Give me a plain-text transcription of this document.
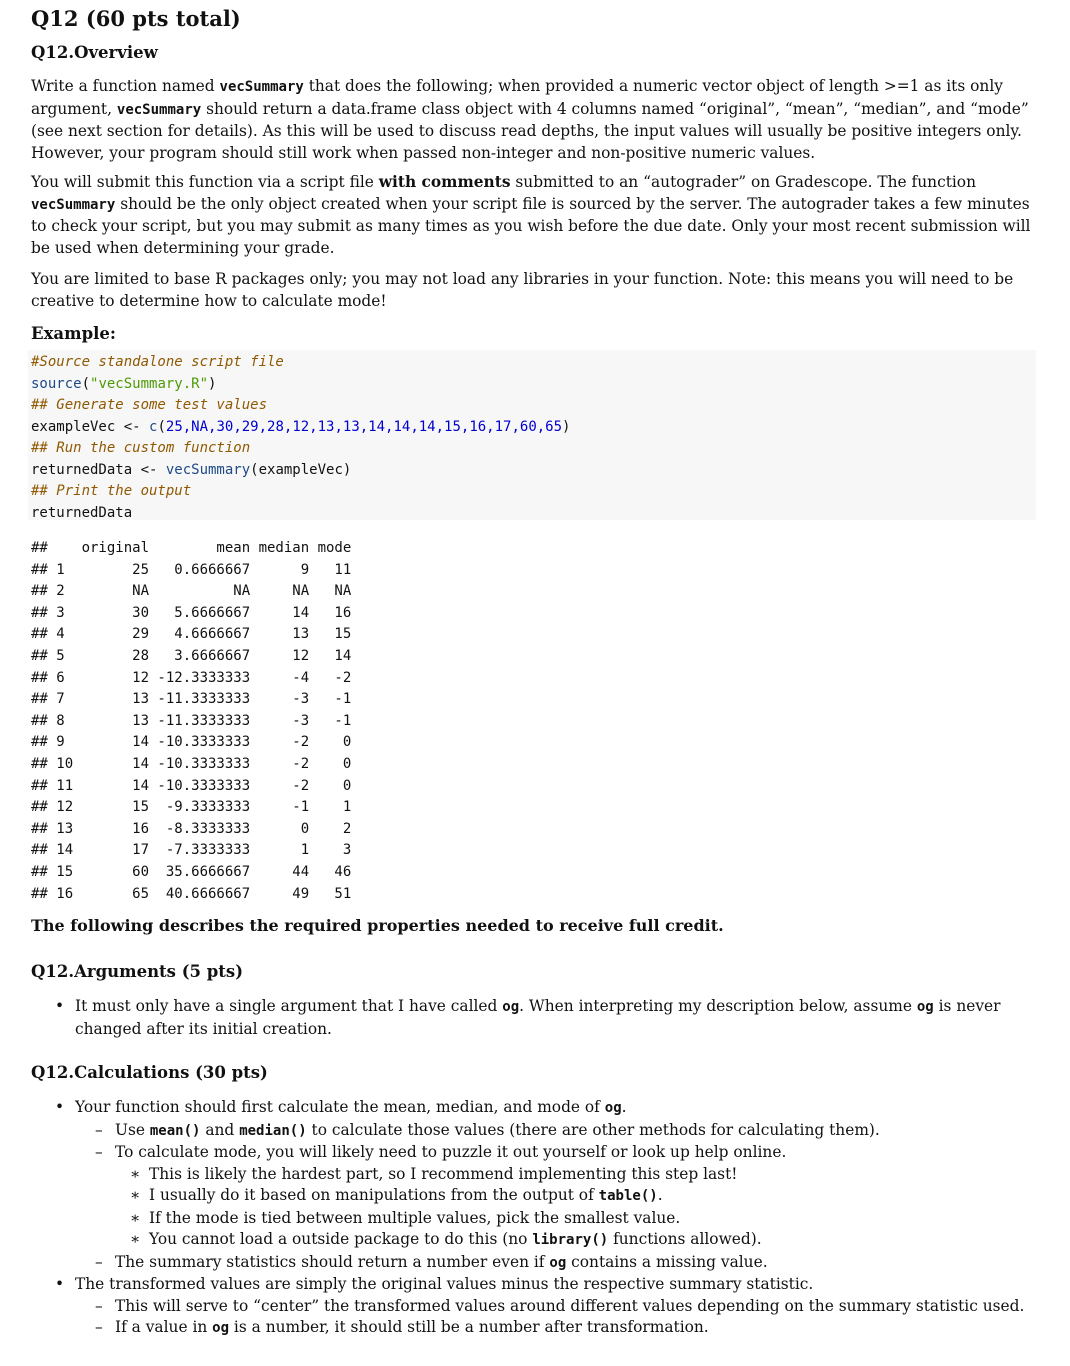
Q12 (60 pts total)
Q12.Overview

Write a function named vecSummary that does the following; when provided a numeric vector object of length >=1 as its only argument, vecSummary should return a data.frame class object with 4 columns named “original”, “mean”, “median”, and “mode” (see next section for details). As this will be used to discuss read depths, the input values will usually be positive integers only. However, your program should still work when passed non-integer and non-positive numeric values.

You will submit this function via a script file with comments submitted to an “autograder” on Gradescope. The function vecSummary should be the only object created when your script file is sourced by the server. The autograder takes a few minutes to check your script, but you may submit as many times as you wish before the due date. Only your most recent submission will be used when determining your grade.

You are limited to base R packages only; you may not load any libraries in your function. Note: this means you will need to be creative to determine how to calculate mode!

Example:

#Source standalone script file
source("vecSummary.R")
## Generate some test values
exampleVec <- c(25,NA,30,29,28,12,13,13,14,14,14,15,16,17,60,65)
## Run the custom function
returnedData <- vecSummary(exampleVec)
## Print the output
returnedData
##    original        mean median mode
## 1        25   0.6666667      9   11
## 2        NA          NA     NA   NA
## 3        30   5.6666667     14   16
## 4        29   4.6666667     13   15
## 5        28   3.6666667     12   14
## 6        12 -12.3333333     -4   -2
## 7        13 -11.3333333     -3   -1
## 8        13 -11.3333333     -3   -1
## 9        14 -10.3333333     -2    0
## 10       14 -10.3333333     -2    0
## 11       14 -10.3333333     -2    0
## 12       15  -9.3333333     -1    1
## 13       16  -8.3333333      0    2
## 14       17  -7.3333333      1    3
## 15       60  35.6666667     44   46
## 16       65  40.6666667     49   51

The following describes the required properties needed to receive full credit.

Q12.Arguments (5 pts)
• It must only have a single argument that I have called og. When interpreting my description below, assume og is never changed after its initial creation.
Q12.Calculations (30 pts)
• Your function should first calculate the mean, median, and mode of og.
– Use mean() and median() to calculate those values (there are other methods for calculating them).
– To calculate mode, you will likely need to puzzle it out yourself or look up help online.
∗ This is likely the hardest part, so I recommend implementing this step last!
∗ I usually do it based on manipulations from the output of table().
∗ If the mode is tied between multiple values, pick the smallest value.
∗ You cannot load a outside package to do this (no library() functions allowed).
– The summary statistics should return a number even if og contains a missing value.
• The transformed values are simply the original values minus the respective summary statistic.
– This will serve to “center” the transformed values around different values depending on the summary statistic used.
– If a value in og is a number, it should still be a number after transformation.
